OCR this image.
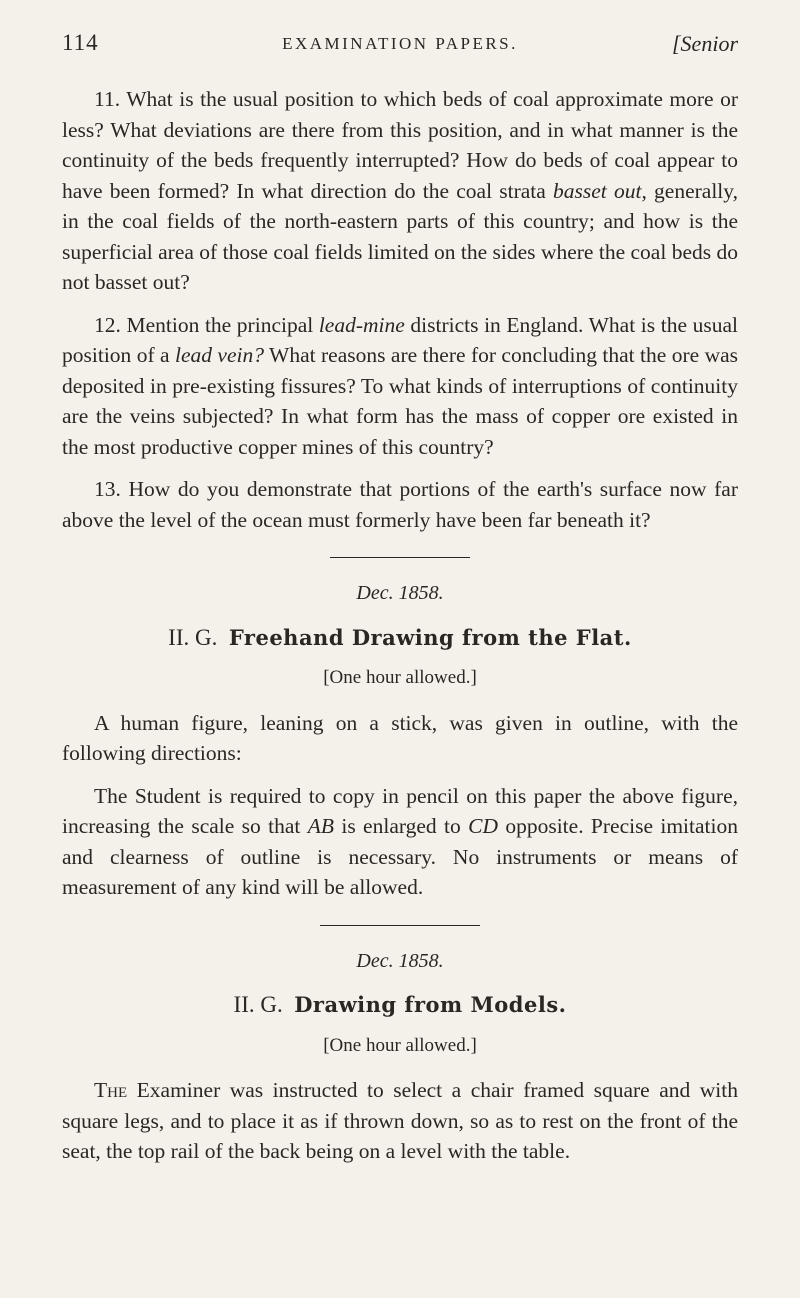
114	EXAMINATION PAPERS.	[Senior

11. What is the usual position to which beds of coal approximate more or less? What deviations are there from this position, and in what manner is the continuity of the beds frequently interrupted? How do beds of coal appear to have been formed? In what direction do the coal strata basset out, generally, in the coal fields of the north-eastern parts of this country; and how is the superficial area of those coal fields limited on the sides where the coal beds do not basset out?

12. Mention the principal lead-mine districts in England. What is the usual position of a lead vein? What reasons are there for concluding that the ore was deposited in pre-existing fissures? To what kinds of interruptions of continuity are the veins subjected? In what form has the mass of copper ore existed in the most productive copper mines of this country?

13. How do you demonstrate that portions of the earth's surface now far above the level of the ocean must formerly have been far beneath it?

Dec. 1858.
II. G. Freehand Drawing from the Flat.
[One hour allowed.]

A human figure, leaning on a stick, was given in outline, with the following directions:

The Student is required to copy in pencil on this paper the above figure, increasing the scale so that AB is enlarged to CD opposite. Precise imitation and clearness of outline is necessary. No instruments or means of measurement of any kind will be allowed.

Dec. 1858.
II. G. Drawing from Models.
[One hour allowed.]

The Examiner was instructed to select a chair framed square and with square legs, and to place it as if thrown down, so as to rest on the front of the seat, the top rail of the back being on a level with the table.
